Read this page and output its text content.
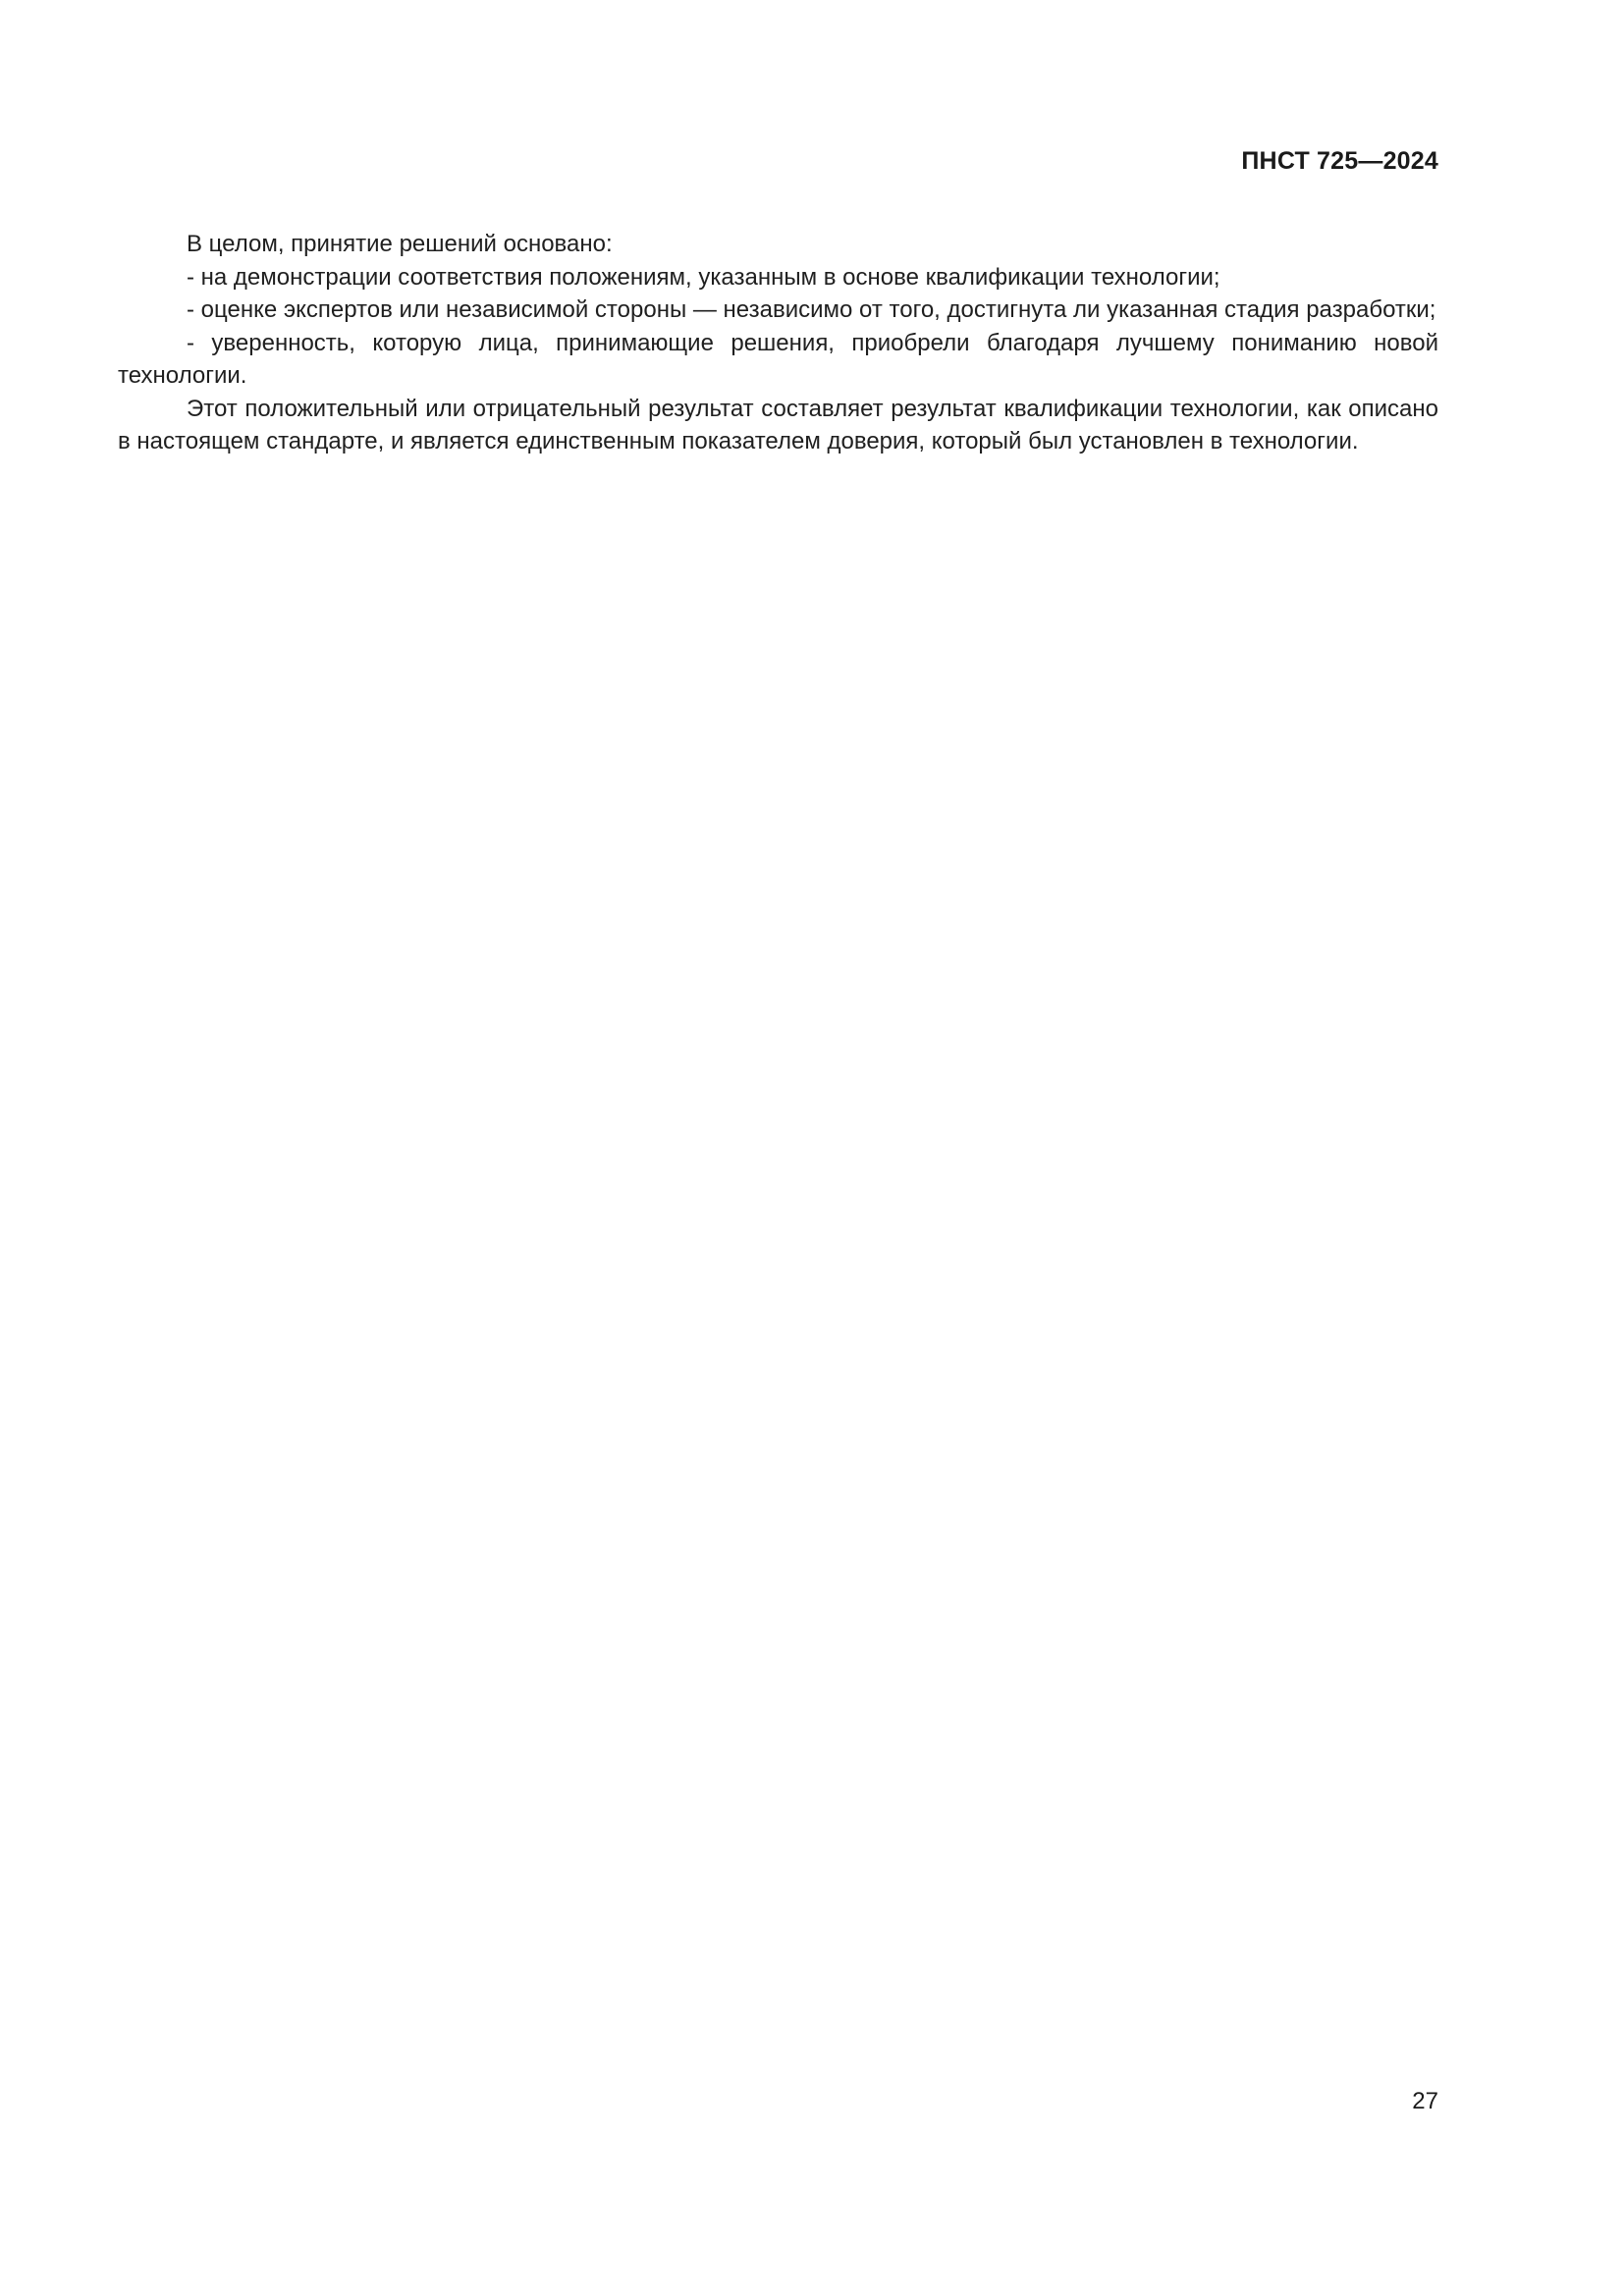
ПНСТ 725—2024

В целом, принятие решений основано:

- на демонстрации соответствия положениям, указанным в основе квалификации технологии;

- оценке экспертов или независимой стороны — независимо от того, достигнута ли указанная стадия разработки;

- уверенность, которую лица, принимающие решения, приобрели благодаря лучшему пониманию новой технологии.

Этот положительный или отрицательный результат составляет результат квалификации технологии, как описано в настоящем стандарте, и является единственным показателем доверия, который был установлен в технологии.

27
